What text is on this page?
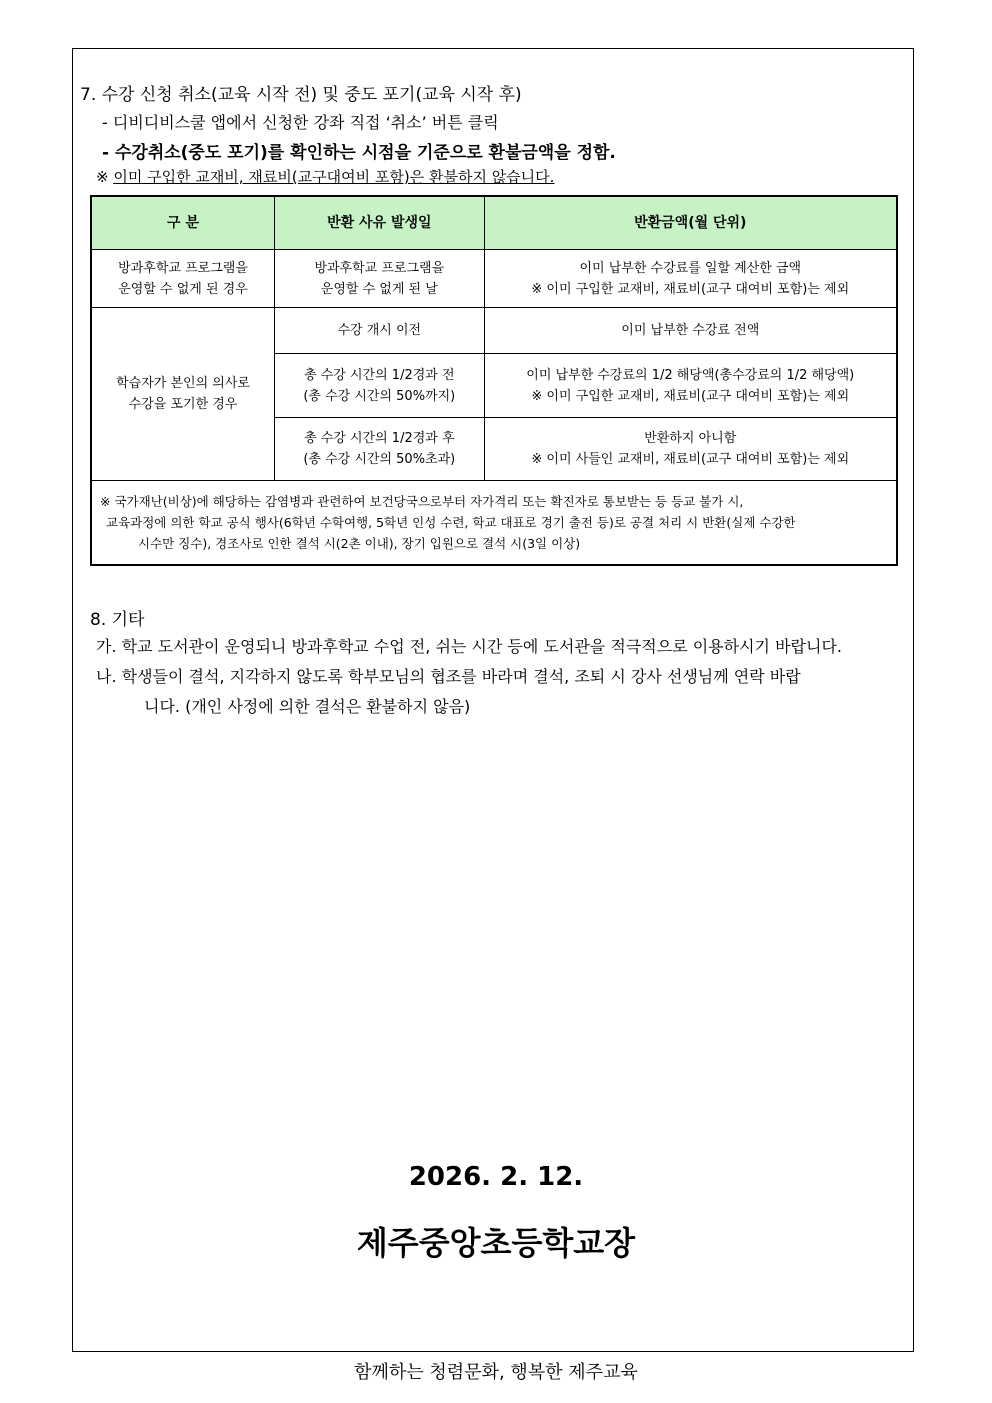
7. 수강 신청 취소(교육 시작 전) 및 중도 포기(교육 시작 후)
- 디비디비스쿨 앱에서 신청한 강좌 직접 ‘취소’ 버튼 클릭
- 수강취소(중도 포기)를 확인하는 시점을 기준으로 환불금액을 정함.
※ 이미 구입한 교재비, 재료비(교구대여비 포함)은 환불하지 않습니다.
구 분	반환 사유 발생일	반환금액(월 단위)
방과후학교 프로그램을
운영할 수 없게 된 경우	방과후학교 프로그램을
운영할 수 없게 된 날	이미 납부한 수강료를 일할 계산한 금액
※ 이미 구입한 교재비, 재료비(교구 대여비 포함)는 제외
학습자가 본인의 의사로
수강을 포기한 경우	수강 개시 이전	이미 납부한 수강료 전액
	총 수강 시간의 1/2경과 전
(총 수강 시간의 50%까지)	이미 납부한 수강료의 1/2 해당액(총수강료의 1/2 해당액)
※ 이미 구입한 교재비, 재료비(교구 대여비 포함)는 제외
	총 수강 시간의 1/2경과 후
(총 수강 시간의 50%초과)	반환하지 아니함
※ 이미 사들인 교재비, 재료비(교구 대여비 포함)는 제외

※ 국가재난(비상)에 해당하는 감염병과 관련하여 보건당국으로부터 자가격리 또는 확진자로 통보받는 등 등교 불가 시,
교육과정에 의한 학교 공식 행사(6학년 수학여행, 5학년 인성 수련, 학교 대표로 경기 출전 등)로 공결 처리 시 반환(실제 수강한
시수만 징수), 경조사로 인한 결석 시(2촌 이내), 장기 입원으로 결석 시(3일 이상)		
8. 기타
가. 학교 도서관이 운영되니 방과후학교 수업 전, 쉬는 시간 등에 도서관을 적극적으로 이용하시기 바랍니다.
나. 학생들이 결석, 지각하지 않도록 학부모님의 협조를 바라며 결석, 조퇴 시 강사 선생님께 연락 바랍
니다. (개인 사정에 의한 결석은 환불하지 않음)
2026. 2. 12.
제주중앙초등학교장
함께하는 청렴문화, 행복한 제주교육
